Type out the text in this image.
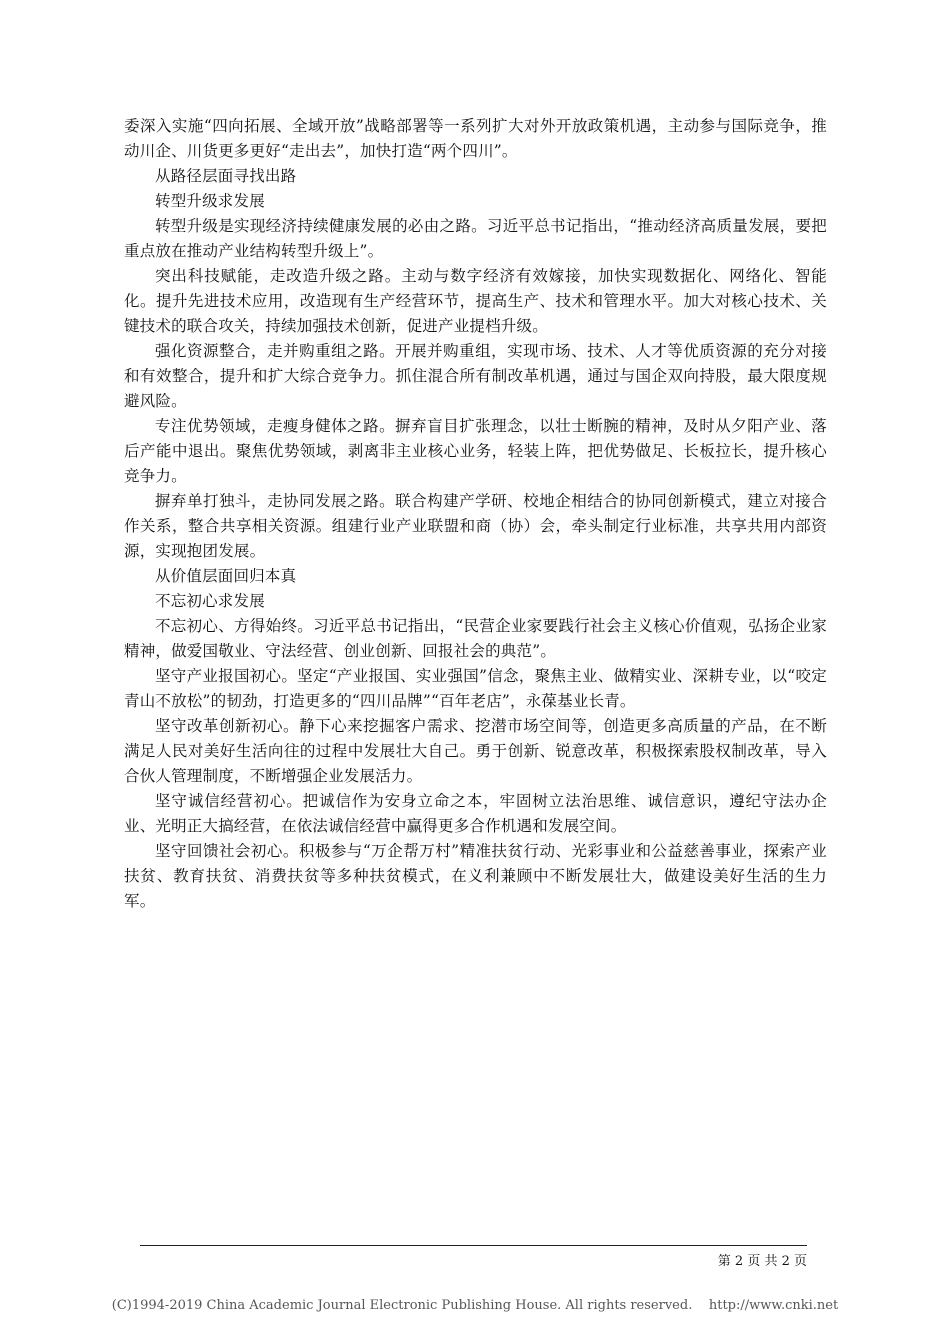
委深入实施“四向拓展、全域开放”战略部署等一系列扩大对外开放政策机遇，主动参与国际竞争，推动川企、川货更多更好“走出去”，加快打造“两个四川”。

从路径层面寻找出路

转型升级求发展

转型升级是实现经济持续健康发展的必由之路。习近平总书记指出，“推动经济高质量发展，要把重点放在推动产业结构转型升级上”。

突出科技赋能，走改造升级之路。主动与数字经济有效嫁接，加快实现数据化、网络化、智能化。提升先进技术应用，改造现有生产经营环节，提高生产、技术和管理水平。加大对核心技术、关键技术的联合攻关，持续加强技术创新，促进产业提档升级。

强化资源整合，走并购重组之路。开展并购重组，实现市场、技术、人才等优质资源的充分对接和有效整合，提升和扩大综合竞争力。抓住混合所有制改革机遇，通过与国企双向持股，最大限度规避风险。

专注优势领域，走瘦身健体之路。摒弃盲目扩张理念，以壮士断腕的精神，及时从夕阳产业、落后产能中退出。聚焦优势领域，剥离非主业核心业务，轻装上阵，把优势做足、长板拉长，提升核心竞争力。

摒弃单打独斗，走协同发展之路。联合构建产学研、校地企相结合的协同创新模式，建立对接合作关系，整合共享相关资源。组建行业产业联盟和商（协）会，牵头制定行业标准，共享共用内部资源，实现抱团发展。

从价值层面回归本真

不忘初心求发展

不忘初心、方得始终。习近平总书记指出，“民营企业家要践行社会主义核心价值观，弘扬企业家精神，做爱国敬业、守法经营、创业创新、回报社会的典范”。

坚守产业报国初心。坚定“产业报国、实业强国”信念，聚焦主业、做精实业、深耕专业，以“咬定青山不放松”的韧劲，打造更多的“四川品牌”“百年老店”，永葆基业长青。

坚守改革创新初心。静下心来挖掘客户需求、挖潜市场空间等，创造更多高质量的产品，在不断满足人民对美好生活向往的过程中发展壮大自己。勇于创新、锐意改革，积极探索股权制改革，导入合伙人管理制度，不断增强企业发展活力。

坚守诚信经营初心。把诚信作为安身立命之本，牢固树立法治思维、诚信意识，遵纪守法办企业、光明正大搞经营，在依法诚信经营中赢得更多合作机遇和发展空间。

坚守回馈社会初心。积极参与“万企帮万村”精准扶贫行动、光彩事业和公益慈善事业，探索产业扶贫、教育扶贫、消费扶贫等多种扶贫模式，在义利兼顾中不断发展壮大，做建设美好生活的生力军。

第 2 页 共 2 页
(C)1994-2019 China Academic Journal Electronic Publishing House. All rights reserved.    http://www.cnki.net
